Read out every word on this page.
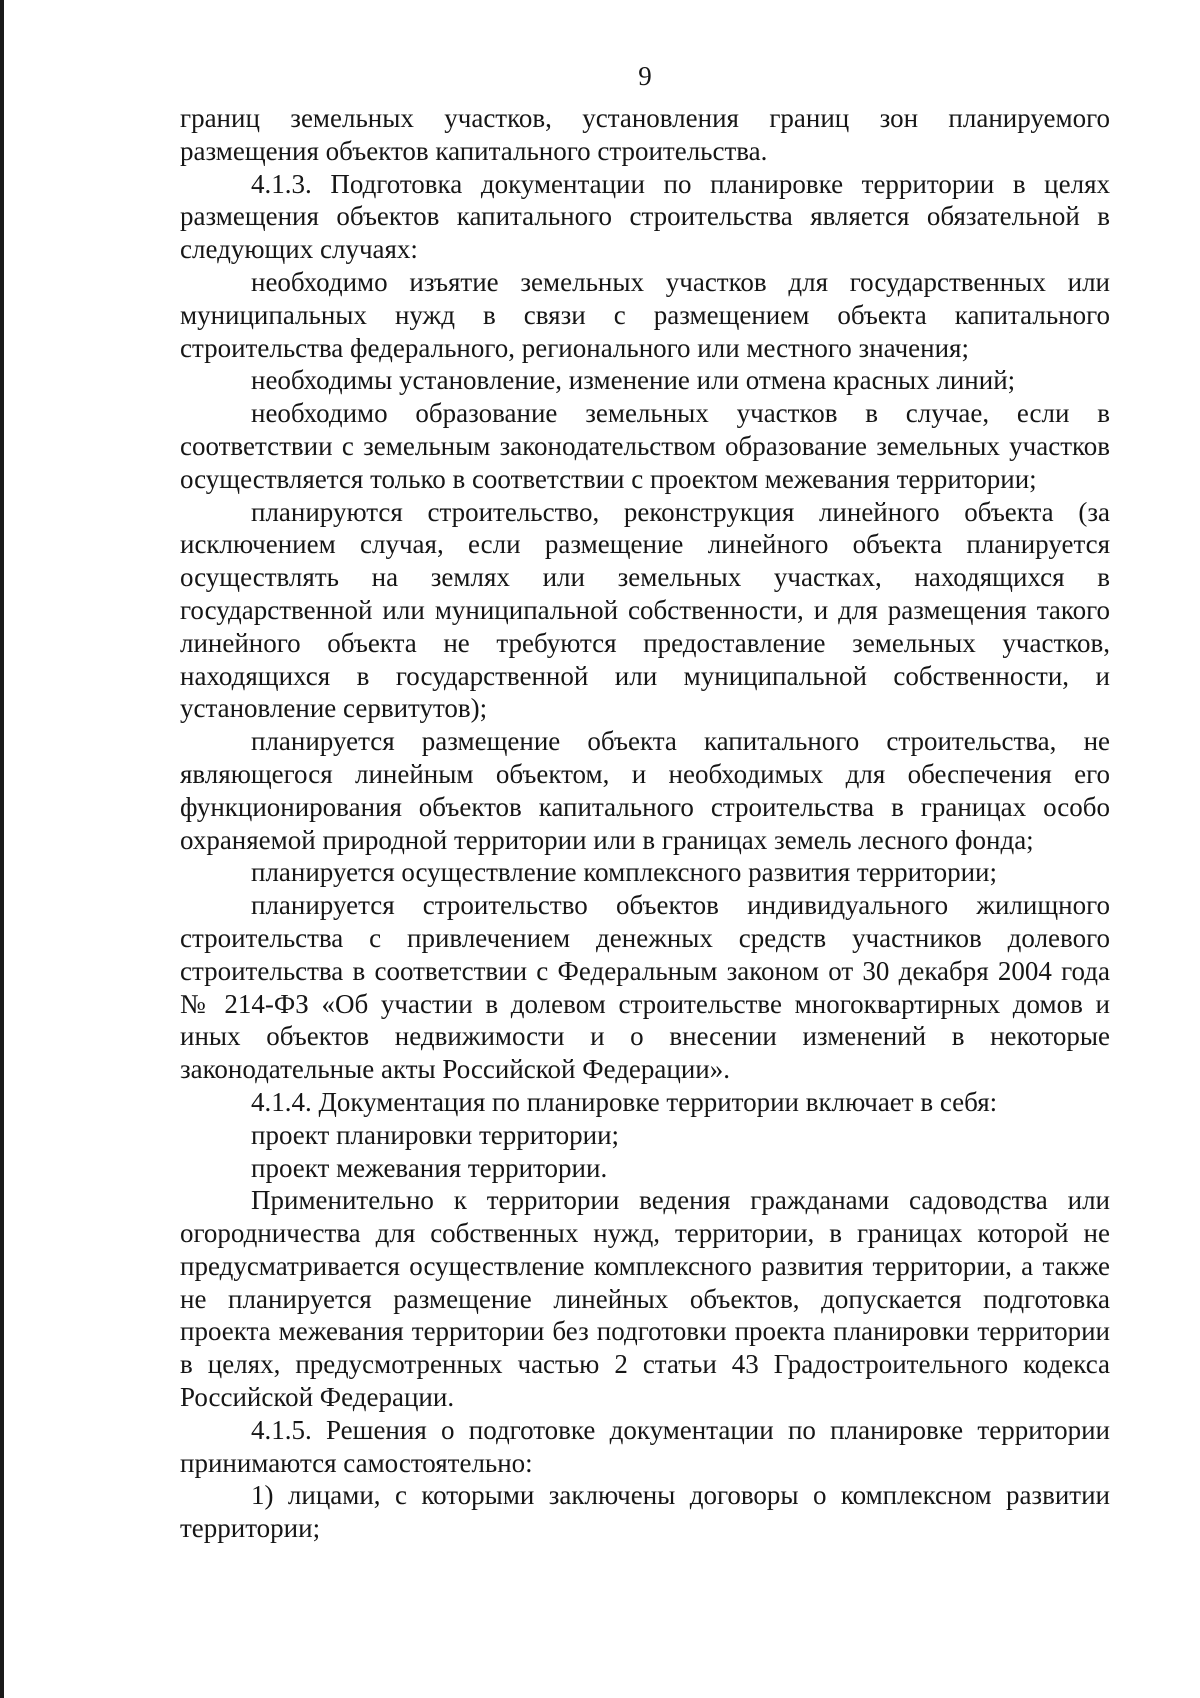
9

границ земельных участков, установления границ зон планируемого размещения объектов капитального строительства.

4.1.3. Подготовка документации по планировке территории в целях размещения объектов капитального строительства является обязательной в следующих случаях:

необходимо изъятие земельных участков для государственных или муниципальных нужд в связи с размещением объекта капитального строительства федерального, регионального или местного значения;

необходимы установление, изменение или отмена красных линий;

необходимо образование земельных участков в случае, если в соответствии с земельным законодательством образование земельных участков осуществляется только в соответствии с проектом межевания территории;

планируются строительство, реконструкция линейного объекта (за исключением случая, если размещение линейного объекта планируется осуществлять на землях или земельных участках, находящихся в государственной или муниципальной собственности, и для размещения такого линейного объекта не требуются предоставление земельных участков, находящихся в государственной или муниципальной собственности, и установление сервитутов);

планируется размещение объекта капитального строительства, не являющегося линейным объектом, и необходимых для обеспечения его функционирования объектов капитального строительства в границах особо охраняемой природной территории или в границах земель лесного фонда;

планируется осуществление комплексного развития территории;

планируется строительство объектов индивидуального жилищного строительства с привлечением денежных средств участников долевого строительства в соответствии с Федеральным законом от 30 декабря 2004 года № 214-ФЗ «Об участии в долевом строительстве многоквартирных домов и иных объектов недвижимости и о внесении изменений в некоторые законодательные акты Российской Федерации».

4.1.4. Документация по планировке территории включает в себя:

проект планировки территории;

проект межевания территории.

Применительно к территории ведения гражданами садоводства или огородничества для собственных нужд, территории, в границах которой не предусматривается осуществление комплексного развития территории, а также не планируется размещение линейных объектов, допускается подготовка проекта межевания территории без подготовки проекта планировки территории в целях, предусмотренных частью 2 статьи 43 Градостроительного кодекса Российской Федерации.

4.1.5. Решения о подготовке документации по планировке территории принимаются самостоятельно:

1) лицами, с которыми заключены договоры о комплексном развитии территории;
